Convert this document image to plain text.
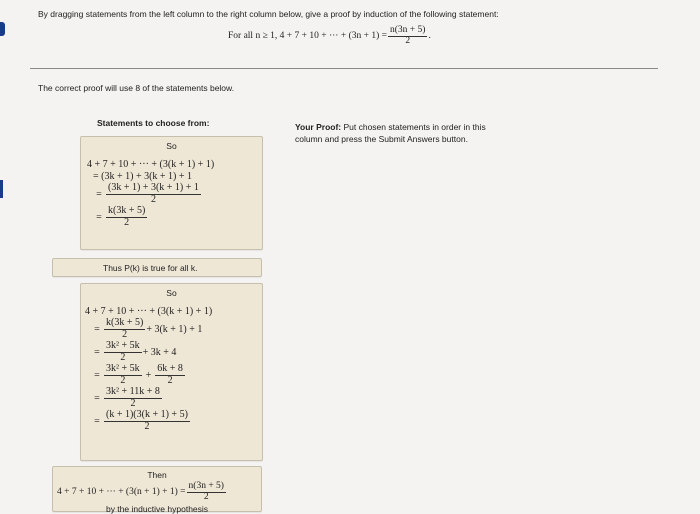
By dragging statements from the left column to the right column below, give a proof by induction of the following statement:
For all n ≥ 1, 4 + 7 + 10 + ··· + $(3n + 1) = \frac{n(3n + 5)}{2}$ .
The correct proof will use 8 of the statements below.
Statements to choose from:	Your Proof: Put chosen statements in order in this column and press the Submit Answers button.
So
4 + 7 + 10 + ··· + (3(k + 1) + 1)
= (3k + 1) + 3(k + 1) + 1
= $\frac{(3k + 1) + 3(k + 1) + 1}{2}$
= $\frac{k(3k + 5)}{2}$
Thus P(k) is true for all k.
So
4 + 7 + 10 + ··· + (3(k + 1) + 1)
= $\frac{k(3k + 5)}{2} + 3(k + 1) + 1$
= $\frac{\text{3k² + 5k}}{2} + 3k + 4$
= $\frac{\text{3k² + 5k}}{2} + \frac{6k + 8}{2}$
= $\frac{\text{3k² + 11k + 8}}{2}$
= $\frac{(k + 1)(3(k + 1) + 5)}{2}$
Then
4 + 7 + 10 + ··· + $(3(n + 1) + 1) = \frac{n(3n + 5)}{2}$
by the inductive hypothesis
